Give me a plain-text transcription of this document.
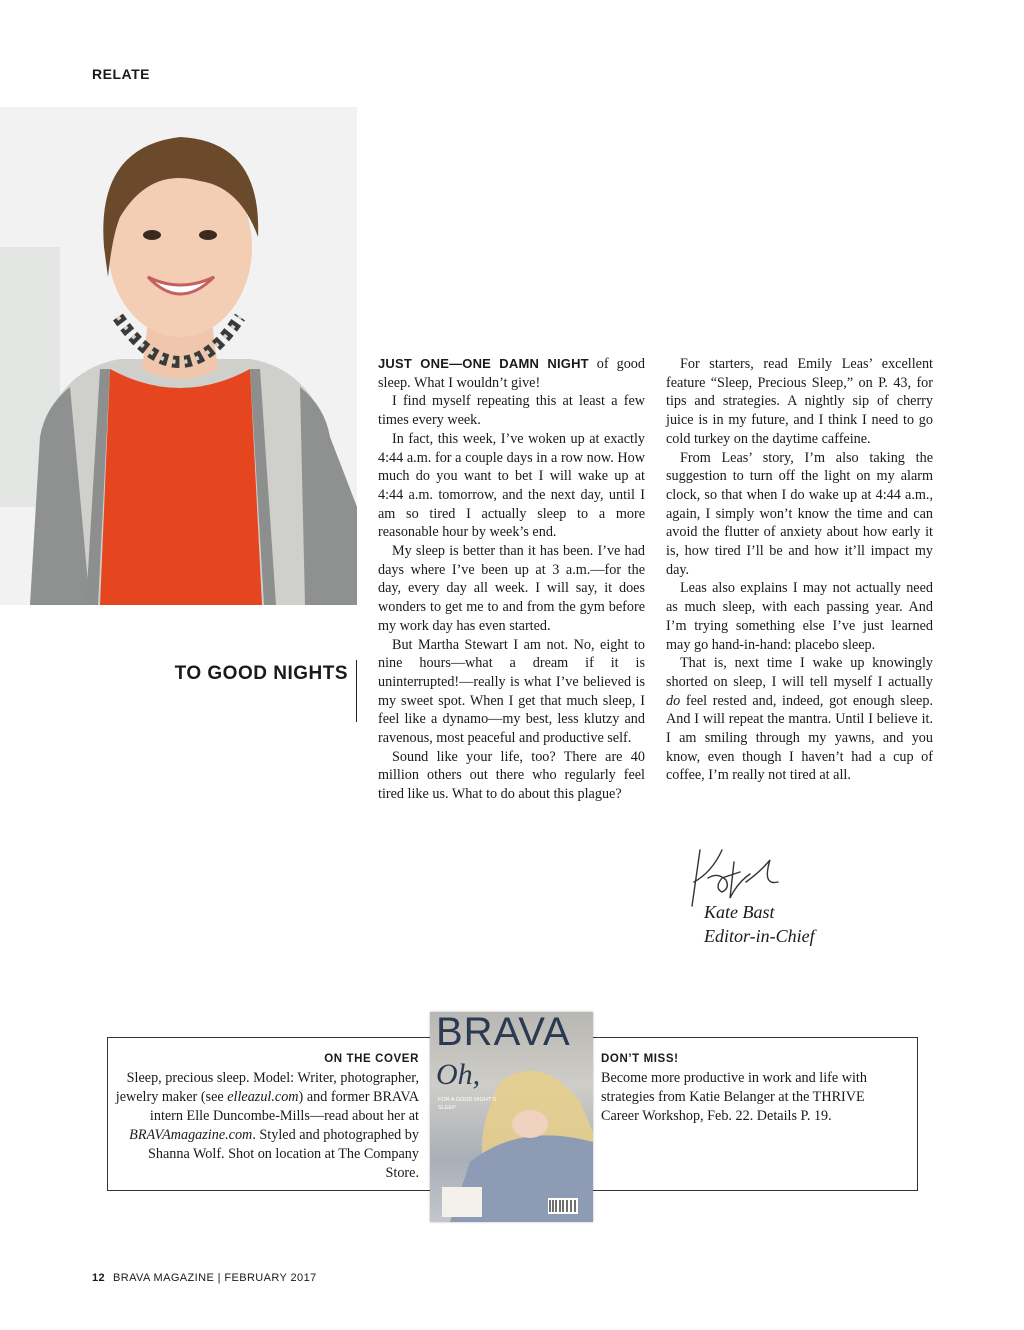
RELATE
TO GOOD NIGHTS

JUST ONE—ONE DAMN NIGHT of good sleep. What I wouldn’t give!

I find myself repeating this at least a few times every week.

In fact, this week, I’ve woken up at exactly 4:44 a.m. for a couple days in a row now. How much do you want to bet I will wake up at 4:44 a.m. tomorrow, and the next day, until I am so tired I actually sleep to a more reasonable hour by week’s end.

My sleep is better than it has been. I’ve had days where I’ve been up at 3 a.m.—for the day, every day all week. I will say, it does wonders to get me to and from the gym before my work day has even started.

But Martha Stewart I am not. No, eight to nine hours—what a dream if it is uninterrupted!—really is what I’ve believed is my sweet spot. When I get that much sleep, I feel like a dynamo—my best, less klutzy and ravenous, most peaceful and productive self.

Sound like your life, too? There are 40 million others out there who regularly feel tired like us. What to do about this plague?

For starters, read Emily Leas’ excellent feature “Sleep, Precious Sleep,” on P. 43, for tips and strategies. A nightly sip of cherry juice is in my future, and I think I need to go cold turkey on the daytime caffeine.

From Leas’ story, I’m also taking the suggestion to turn off the light on my alarm clock, so that when I do wake up at 4:44 a.m., again, I simply won’t know the time and can avoid the flutter of anxiety about how early it is, how tired I’ll be and how it’ll impact my day.

Leas also explains I may not actually need as much sleep, with each passing year. And I’m trying something else I’ve just learned may go hand-in-hand: placebo sleep.

That is, next time I wake up knowingly shorted on sleep, I will tell myself I actually do feel rested and, indeed, got enough sleep. And I will repeat the mantra. Until I believe it. I am smiling through my yawns, and you know, even though I haven’t had a cup of coffee, I’m really not tired at all.

Kate Bast
Editor-in-Chief
ON THE COVER
Sleep, precious sleep. Model: Writer, photographer, jewelry maker (see elleazul.com) and former BRAVA intern Elle Duncombe-Mills—read about her at BRAVAmagazine.com. Styled and photographed by Shanna Wolf. Shot on location at The Company Store.
BRAVA
Oh,
FOR A GOOD NIGHT’S SLEEP
DON’T MISS!
Become more productive in work and life with strategies from Katie Belanger at the THRIVE Career Workshop, Feb. 22. Details P. 19.
12 BRAVA MAGAZINE | FEBRUARY 2017
